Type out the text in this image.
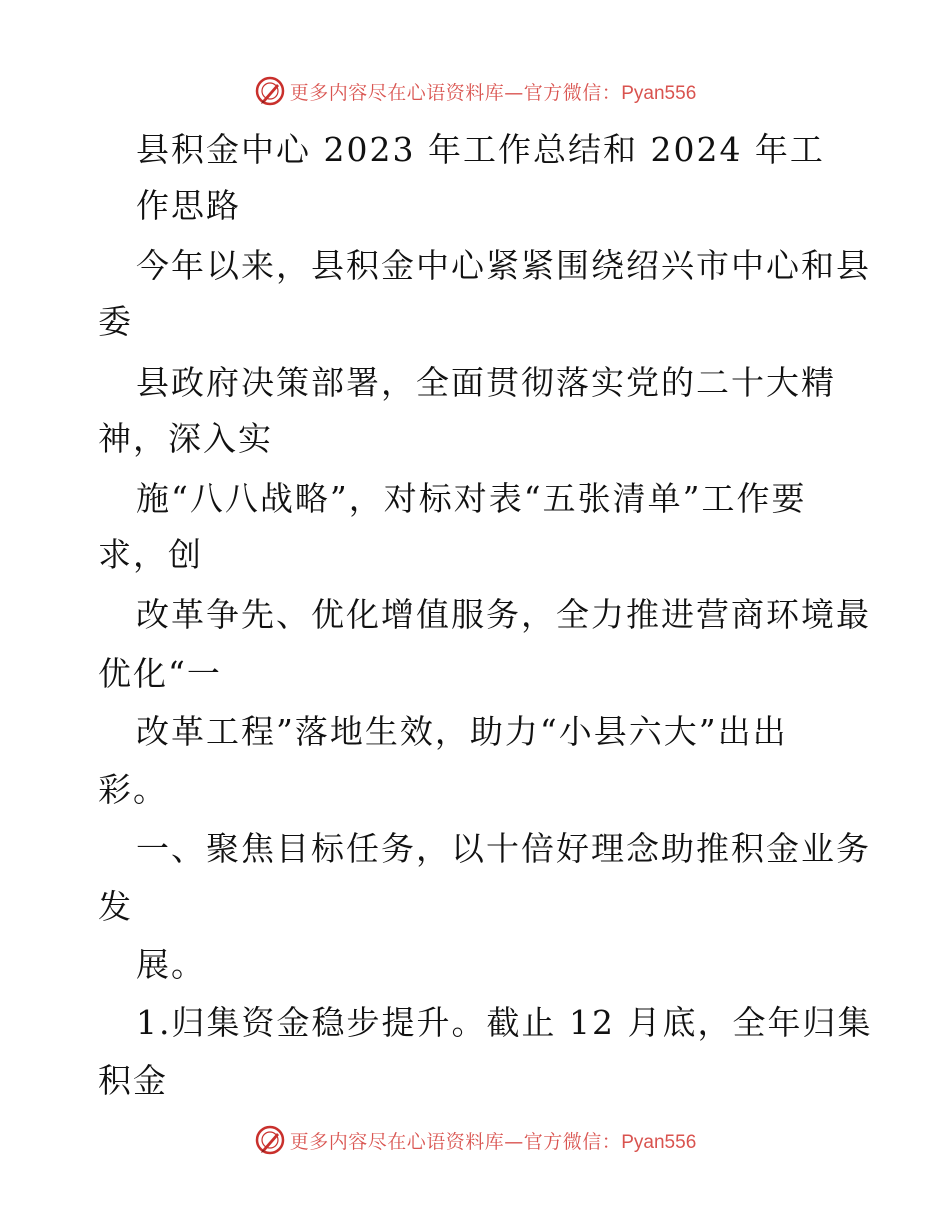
更多内容尽在心语资料库—官方微信：Pyan556
县积金中心 2023 年工作总结和 2024 年工
作思路
今年以来，县积金中心紧紧围绕绍兴市中心和县
委
县政府决策部署，全面贯彻落实党的二十大精
神，深入实
施“八八战略”，对标对表“五张清单”工作要
求，创
改革争先、优化增值服务，全力推进营商环境最
优化“一
改革工程”落地生效，助力“小县六大”出出
彩。
一、聚焦目标任务，以十倍好理念助推积金业务
发
展。
1.归集资金稳步提升。截止 12 月底，全年归集
积金
更多内容尽在心语资料库—官方微信：Pyan556
